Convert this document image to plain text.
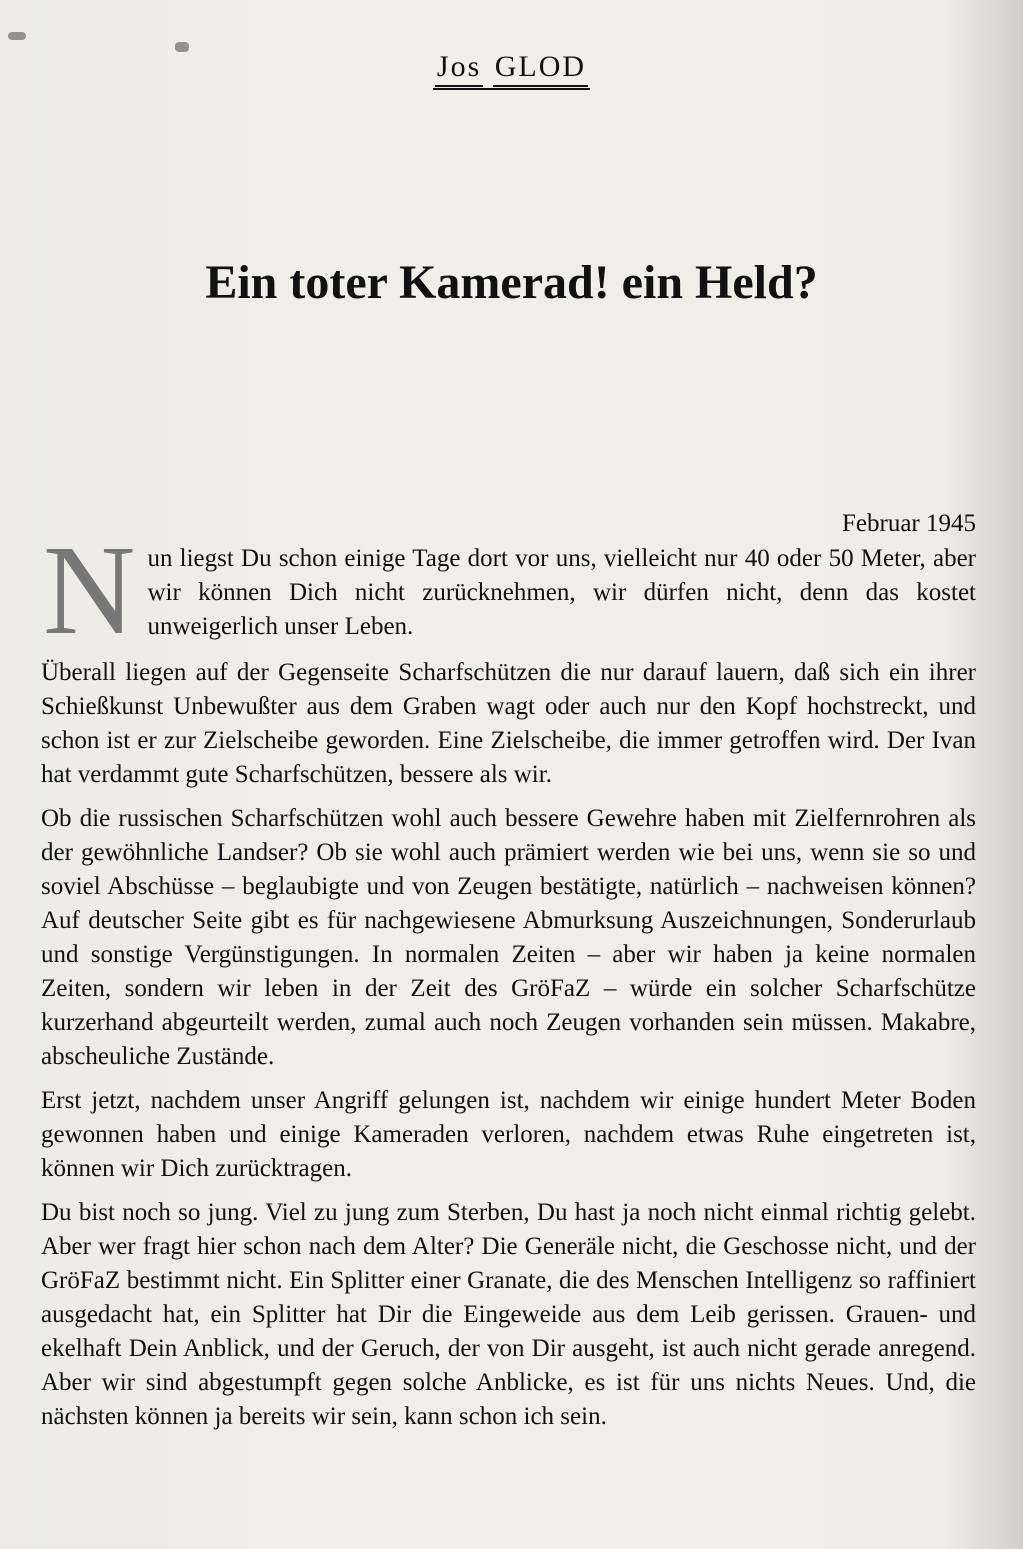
Jos GLOD
Ein toter Kamerad! ein Held?
Februar 1945

Nun liegst Du schon einige Tage dort vor uns, vielleicht nur 40 oder 50 Meter, aber wir können Dich nicht zurücknehmen, wir dürfen nicht, denn das kostet unweigerlich unser Leben.

Überall liegen auf der Gegenseite Scharfschützen die nur darauf lauern, daß sich ein ihrer Schießkunst Unbewußter aus dem Graben wagt oder auch nur den Kopf hochstreckt, und schon ist er zur Zielscheibe geworden. Eine Zielscheibe, die immer getroffen wird. Der Ivan hat verdammt gute Scharfschützen, bessere als wir.

Ob die russischen Scharfschützen wohl auch bessere Gewehre haben mit Zielfernrohren als der gewöhnliche Landser? Ob sie wohl auch prämiert werden wie bei uns, wenn sie so und soviel Abschüsse – beglaubigte und von Zeugen bestätigte, natürlich – nachweisen können? Auf deutscher Seite gibt es für nachgewiesene Abmurksung Auszeichnungen, Sonderurlaub und sonstige Vergünstigungen. In normalen Zeiten – aber wir haben ja keine normalen Zeiten, sondern wir leben in der Zeit des GröFaZ – würde ein solcher Scharfschütze kurzerhand abgeurteilt werden, zumal auch noch Zeugen vorhanden sein müssen. Makabre, abscheuliche Zustände.

Erst jetzt, nachdem unser Angriff gelungen ist, nachdem wir einige hundert Meter Boden gewonnen haben und einige Kameraden verloren, nachdem etwas Ruhe eingetreten ist, können wir Dich zurücktragen.

Du bist noch so jung. Viel zu jung zum Sterben, Du hast ja noch nicht einmal richtig gelebt. Aber wer fragt hier schon nach dem Alter? Die Generäle nicht, die Geschosse nicht, und der GröFaZ bestimmt nicht. Ein Splitter einer Granate, die des Menschen Intelligenz so raffiniert ausgedacht hat, ein Splitter hat Dir die Eingeweide aus dem Leib gerissen. Grauen- und ekelhaft Dein Anblick, und der Geruch, der von Dir ausgeht, ist auch nicht gerade anregend. Aber wir sind abgestumpft gegen solche Anblicke, es ist für uns nichts Neues. Und, die nächsten können ja bereits wir sein, kann schon ich sein.
